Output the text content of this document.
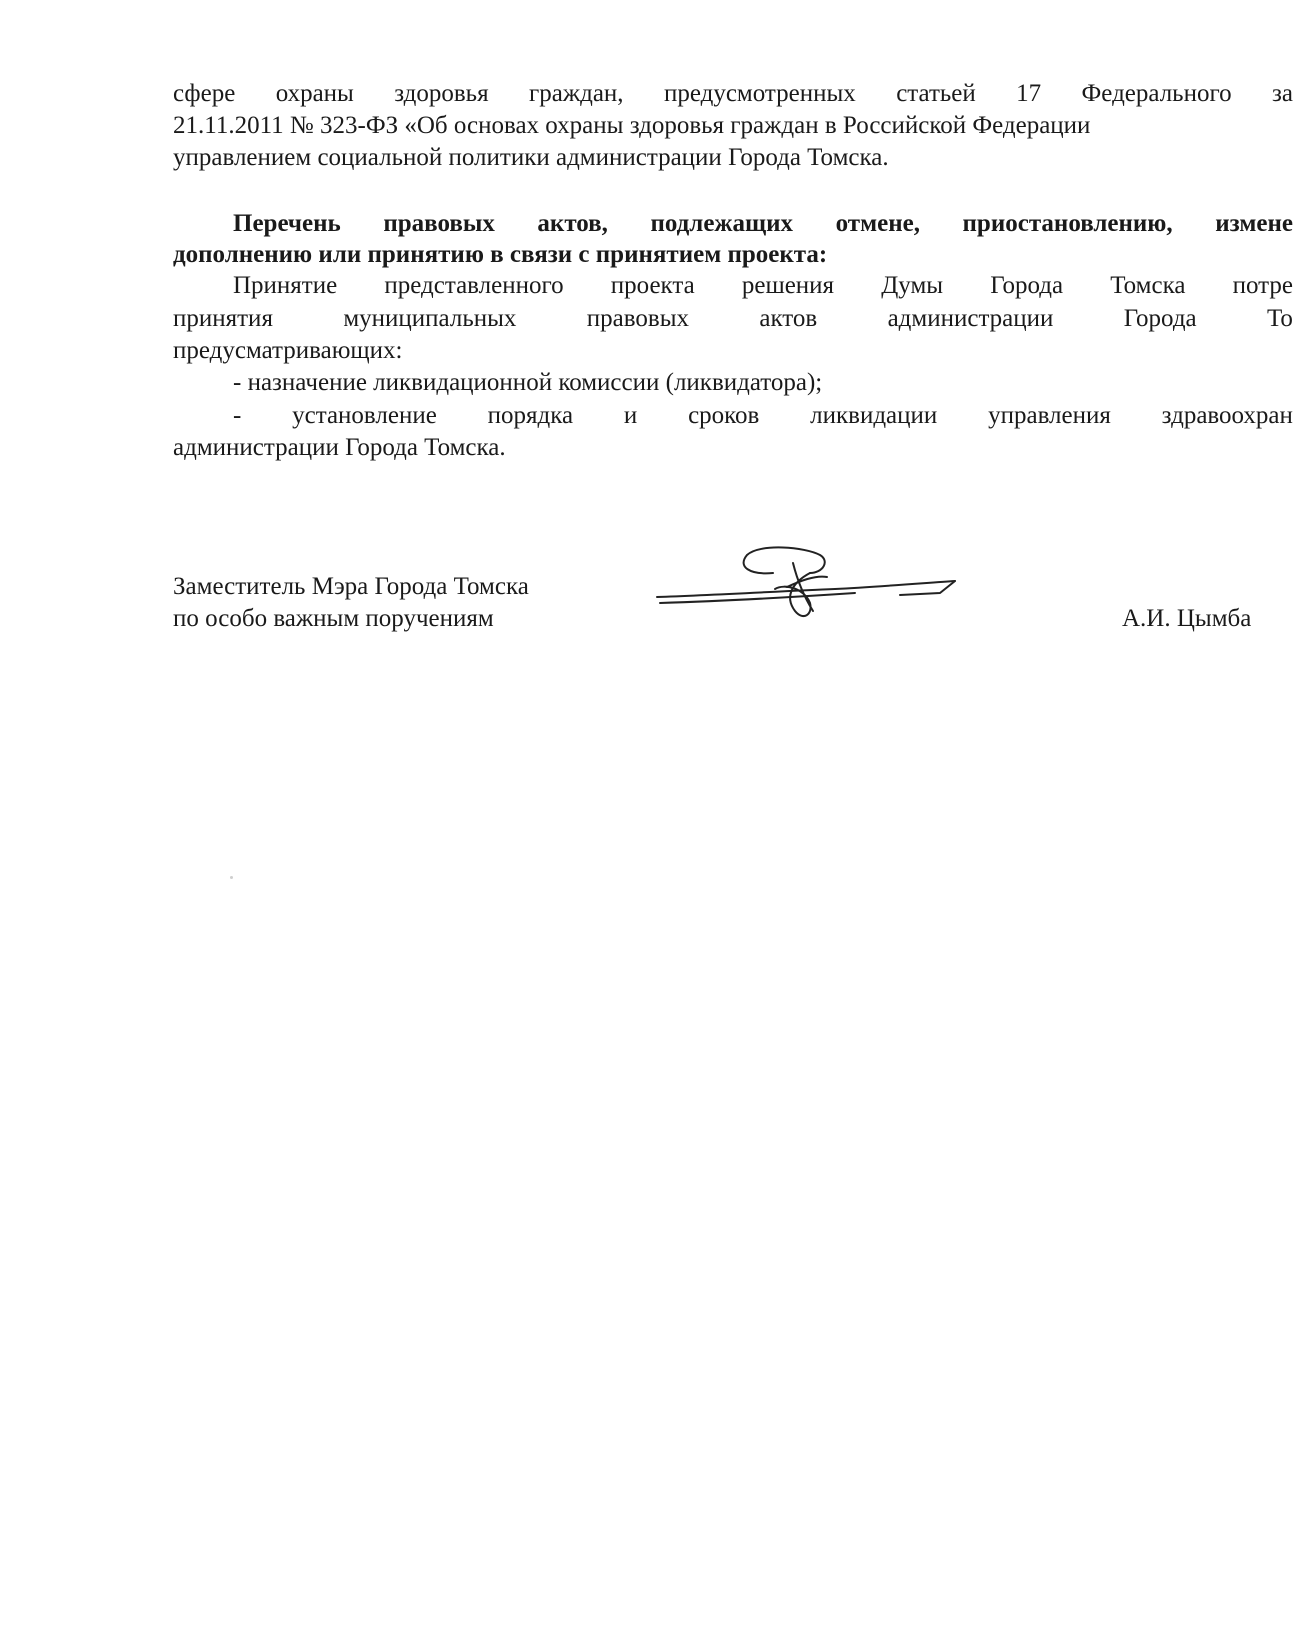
сфере охраны здоровья граждан, предусмотренных статьей 17 Федерального за
21.11.2011 № 323-ФЗ «Об основах охраны здоровья граждан в Российской Федерации
управлением социальной политики администрации Города Томска.
Перечень правовых актов, подлежащих отмене, приостановлению, измене
дополнению или принятию в связи с принятием проекта:
Принятие представленного проекта решения Думы Города Томска потре
принятия	муниципальных	правовых	актов	администрации	Города	То
предусматривающих:
- назначение ликвидационной комиссии (ликвидатора);
- установление порядка и сроков ликвидации управления здравоохран
администрации Города Томска.
Заместитель Мэра Города Томска
по особо важным поручениям	А.И. Цымба
